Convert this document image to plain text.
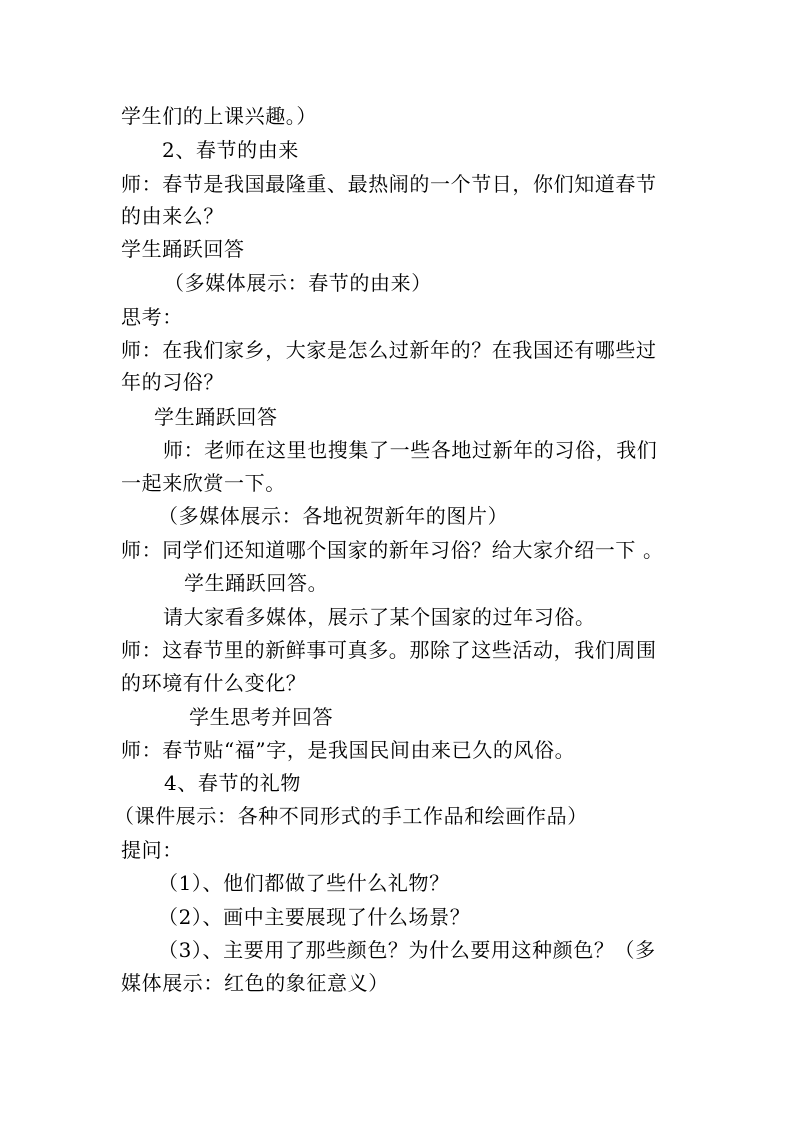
学生们的上课兴趣。）
2、春节的由来
师：春节是我国最隆重、最热闹的一个节日，你们知道春节
的由来么？
学生踊跃回答
（多媒体展示：春节的由来）
思考：
师：在我们家乡，大家是怎么过新年的？在我国还有哪些过
年的习俗？
学生踊跃回答
师：老师在这里也搜集了一些各地过新年的习俗，我们
一起来欣赏一下。
（多媒体展示：各地祝贺新年的图片）
师：同学们还知道哪个国家的新年习俗？给大家介绍一下 。
学生踊跃回答。
请大家看多媒体，展示了某个国家的过年习俗。
师：这春节里的新鲜事可真多。那除了这些活动，我们周围
的环境有什么变化？
学生思考并回答
师：春节贴“福”字，是我国民间由来已久的风俗。
4、春节的礼物
（课件展示：各种不同形式的手工作品和绘画作品）
提问：
（1）、他们都做了些什么礼物？
（2）、画中主要展现了什么场景？
（3）、主要用了那些颜色？为什么要用这种颜色？（多
媒体展示：红色的象征意义）
